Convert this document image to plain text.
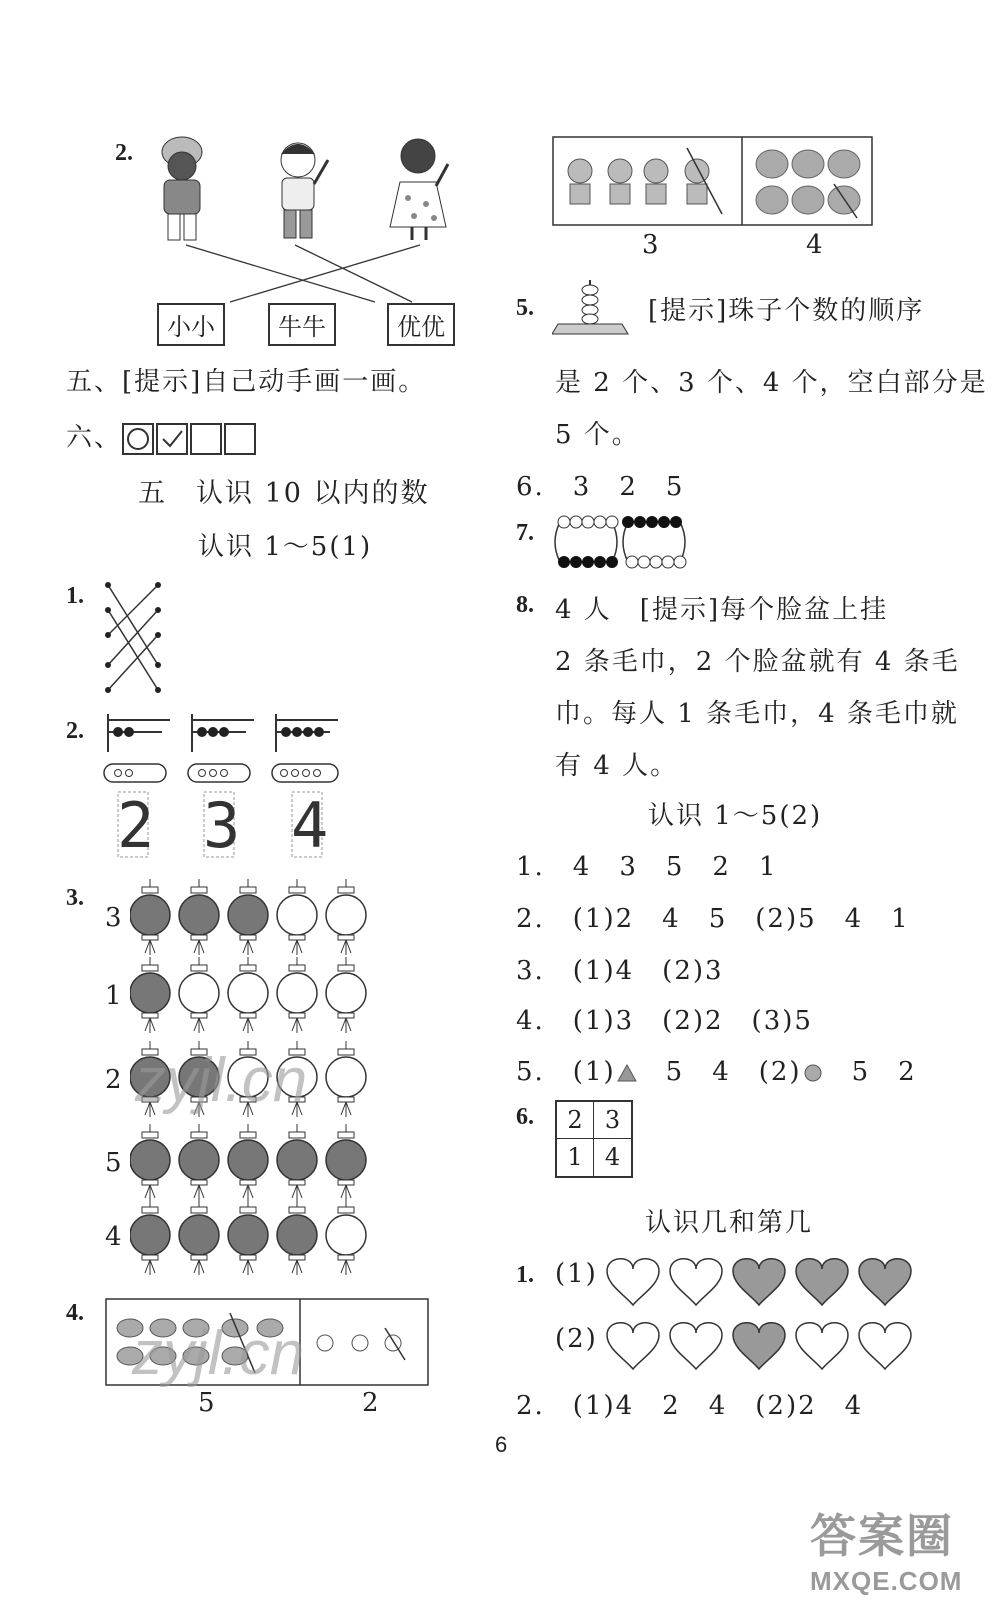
2.
小小	牛牛	优优
五、[提示]自己动手画一画。
六、
五　认识 10 以内的数
认识 1～5(1)
1.
2.
2 3 4
3.
3
1
2
5
4
4.
5	2
3	4
5.	[提示]珠子个数的顺序
是 2 个、3 个、4 个，空白部分是
5 个。
6.　3　2　5
7.
8. 4 人　[提示]每个脸盆上挂
2 条毛巾，2 个脸盆就有 4 条毛
巾。每人 1 条毛巾，4 条毛巾就
有 4 人。
认识 1～5(2)
1.　4　3　5　2　1
2.　(1)2　4　5　(2)5　4　1
3.　(1)4　(2)3
4.　(1)3　(2)2　(3)5
5.　(1)　 5　4　(2)　 5　2
6.	2 3
1 4
认识几和第几
1. (1)
(2)
2.　(1)4　2　4　(2)2　4
zyjl.cn
zyjl.cn
6
答案圈
MXQE.COM
